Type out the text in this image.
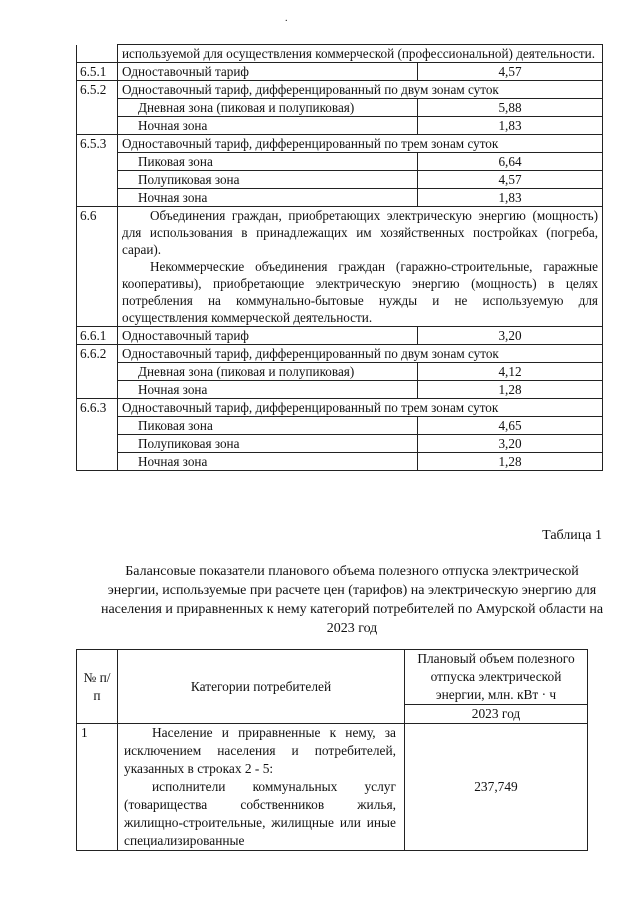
.
	используемой для осуществления коммерческой (профессиональной) деятельности.	
6.5.1	Одноставочный тариф	4,57
6.5.2	Одноставочный тариф, дифференцированный по двум зонам суток	
	Дневная зона (пиковая и полупиковая)	5,88
	Ночная зона	1,83
6.5.3	Одноставочный тариф, дифференцированный по трем зонам суток	
	Пиковая зона	6,64
	Полупиковая зона	4,57
	Ночная зона	1,83
6.6	Объединения граждан, приобретающих электрическую энергию (мощность) для использования в принадлежащих им хозяйственных постройках (погреба, сараи).
Некоммерческие объединения граждан (гаражно-строительные, гаражные кооперативы), приобретающие электрическую энергию (мощность) в целях потребления на коммунально-бытовые нужды и не используемую для осуществления коммерческой деятельности.	

6.6.1	Одноставочный тариф	3,20
6.6.2	Одноставочный тариф, дифференцированный по двум зонам суток	
	Дневная зона (пиковая и полупиковая)	4,12
	Ночная зона	1,28
6.6.3	Одноставочный тариф, дифференцированный по трем зонам суток	
	Пиковая зона	4,65
	Полупиковая зона	3,20
	Ночная зона	1,28
Таблица 1
Балансовые показатели планового объема полезного отпуска электрической энергии, используемые при расчете цен (тарифов) на электрическую энергию для населения и приравненных к нему категорий потребителей по Амурской области на 2023 год
№ п/п	Категории потребителей	Плановый объем полезного отпуска электрической энергии, млн. кВт · ч
		2023 год
1	Население и приравненные к нему, за исключением населения и потребителей, указанных в строках 2 - 5:

исполнители коммунальных услуг (товарищества собственников жилья, жилищно-строительные, жилищные или иные специализированные	237,749
